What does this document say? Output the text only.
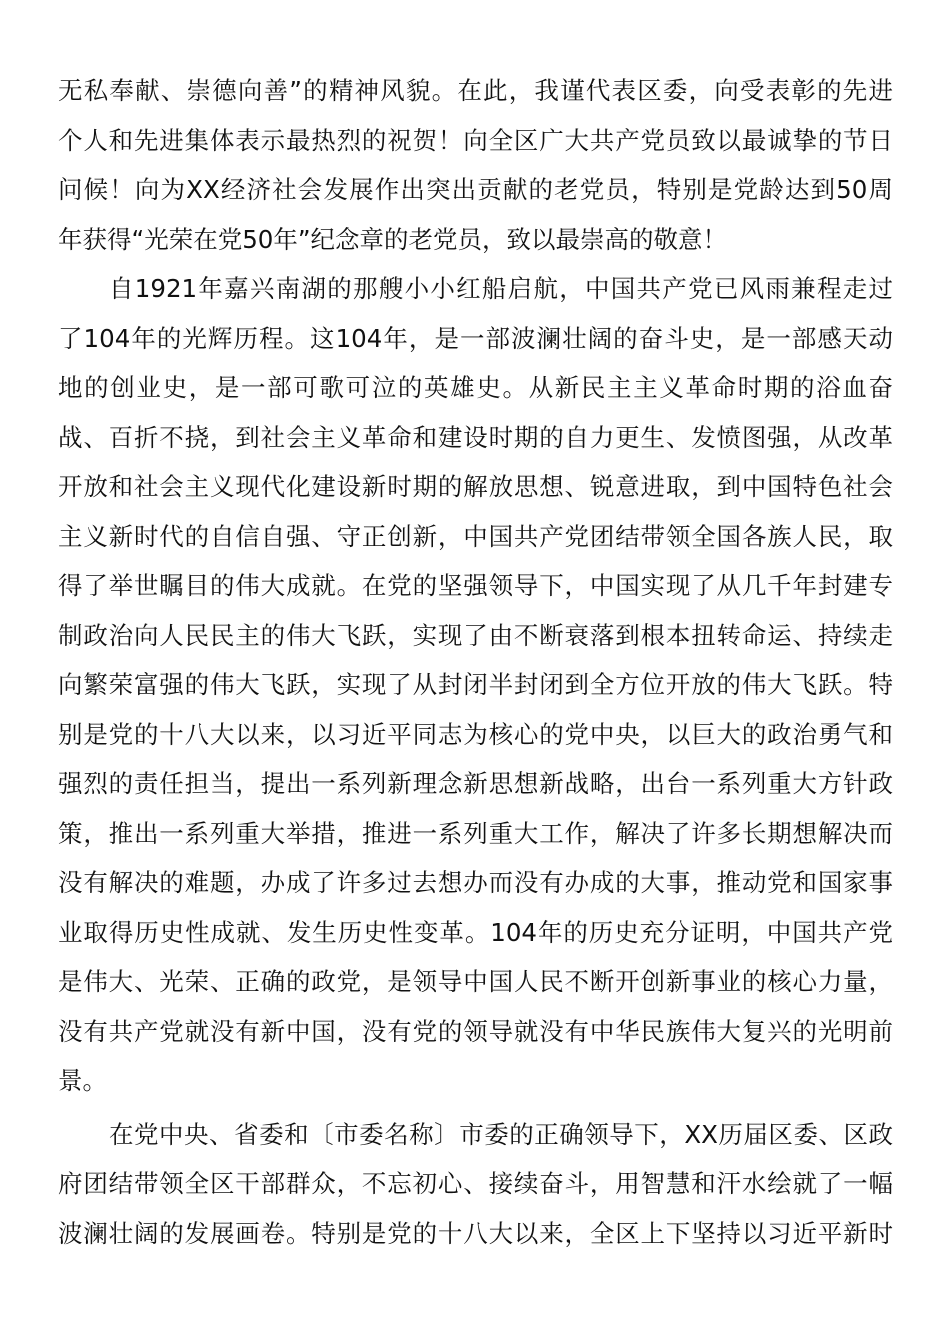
无私奉献、崇德向善”的精神风貌。在此，我谨代表区委，向受表彰的先进
个人和先进集体表示最热烈的祝贺！向全区广大共产党员致以最诚挚的节日
问候！向为XX经济社会发展作出突出贡献的老党员，特别是党龄达到50周
年获得“光荣在党50年”纪念章的老党员，致以最崇高的敬意！
自1921年嘉兴南湖的那艘小小红船启航，中国共产党已风雨兼程走过
了104年的光辉历程。这104年，是一部波澜壮阔的奋斗史，是一部感天动
地的创业史，是一部可歌可泣的英雄史。从新民主主义革命时期的浴血奋
战、百折不挠，到社会主义革命和建设时期的自力更生、发愤图强，从改革
开放和社会主义现代化建设新时期的解放思想、锐意进取，到中国特色社会
主义新时代的自信自强、守正创新，中国共产党团结带领全国各族人民，取
得了举世瞩目的伟大成就。在党的坚强领导下，中国实现了从几千年封建专
制政治向人民民主的伟大飞跃，实现了由不断衰落到根本扭转命运、持续走
向繁荣富强的伟大飞跃，实现了从封闭半封闭到全方位开放的伟大飞跃。特
别是党的十八大以来，以习近平同志为核心的党中央，以巨大的政治勇气和
强烈的责任担当，提出一系列新理念新思想新战略，出台一系列重大方针政
策，推出一系列重大举措，推进一系列重大工作，解决了许多长期想解决而
没有解决的难题，办成了许多过去想办而没有办成的大事，推动党和国家事
业取得历史性成就、发生历史性变革。104年的历史充分证明，中国共产党
是伟大、光荣、正确的政党，是领导中国人民不断开创新事业的核心力量，
没有共产党就没有新中国，没有党的领导就没有中华民族伟大复兴的光明前
景。
在党中央、省委和〔市委名称〕市委的正确领导下，XX历届区委、区政
府团结带领全区干部群众，不忘初心、接续奋斗，用智慧和汗水绘就了一幅
波澜壮阔的发展画卷。特别是党的十八大以来，全区上下坚持以习近平新时
